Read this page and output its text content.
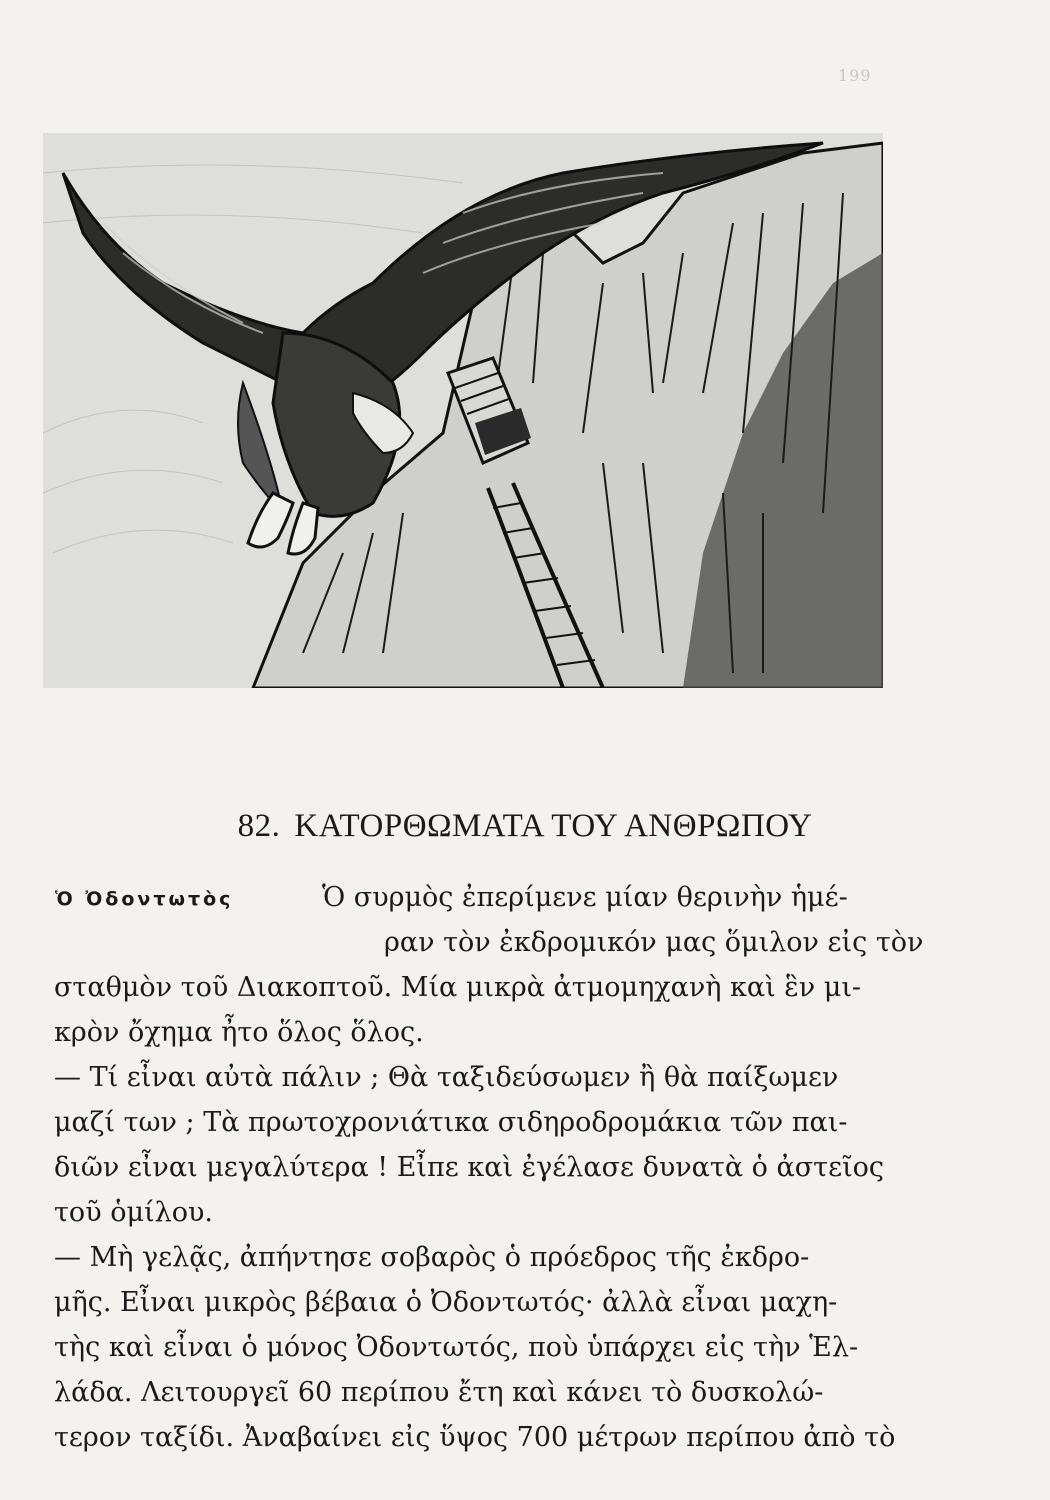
199
82. ΚΑΤΟΡΘΩΜΑΤΑ ΤΟΥ ΑΝΘΡΩΠΟΥ
Ὁ Ὀδοντωτὸς	Ὁ συρμὸς ἐπερίμενε μίαν θερινὴν ἡμέ-
ραν τὸν ἐκδρομικόν μας ὅμιλον εἰς τὸν
σταθμὸν τοῦ Διακοπτοῦ. Μία μικρὰ ἀτμομηχανὴ καὶ ἓν μι-
κρὸν ὄχημα ἦτο ὅλος ὅλος.
— Τί εἶναι αὐτὰ πάλιν ; Θὰ ταξιδεύσωμεν ἢ θὰ παίξωμεν
μαζί των ; Τὰ πρωτοχρονιάτικα σιδηροδρομάκια τῶν παι-
διῶν εἶναι μεγαλύτερα ! Εἶπε καὶ ἐγέλασε δυνατὰ ὁ ἀστεῖος
τοῦ ὁμίλου.
— Μὴ γελᾷς, ἀπήντησε σοβαρὸς ὁ πρόεδρος τῆς ἐκδρο-
μῆς. Εἶναι μικρὸς βέβαια ὁ Ὀδοντωτός· ἀλλὰ εἶναι μαχη-
τὴς καὶ εἶναι ὁ μόνος Ὀδοντωτός, ποὺ ὑπάρχει εἰς τὴν Ἑλ-
λάδα. Λειτουργεῖ 60 περίπου ἔτη καὶ κάνει τὸ δυσκολώ-
τερον ταξίδι. Ἀναβαίνει εἰς ὕψος 700 μέτρων περίπου ἀπὸ τὸ
